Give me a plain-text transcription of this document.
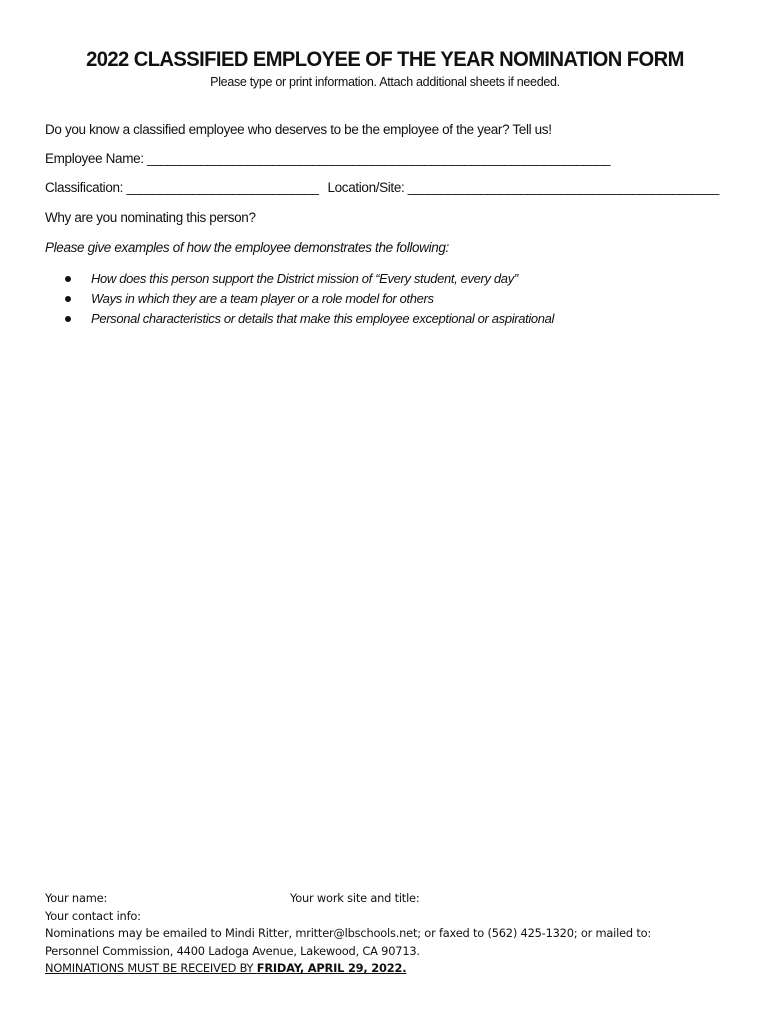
2022 CLASSIFIED EMPLOYEE OF THE YEAR NOMINATION FORM
Please type or print information. Attach additional sheets if needed.
Do you know a classified employee who deserves to be the employee of the year? Tell us!
Employee Name: ______________________________________________________________________
Classification: _____________________________ Location/Site: _______________________________________________
Why are you nominating this person?
Please give examples of how the employee demonstrates the following:
How does this person support the District mission of “Every student, every day”
Ways in which they are a team player or a role model for others
Personal characteristics or details that make this employee exceptional or aspirational
Your name:	Your work site and title:
Your contact info:
Nominations may be emailed to Mindi Ritter, mritter@lbschools.net; or faxed to (562) 425-1320; or mailed to:
Personnel Commission, 4400 Ladoga Avenue, Lakewood, CA 90713.
NOMINATIONS MUST BE RECEIVED BY FRIDAY, APRIL 29, 2022.
